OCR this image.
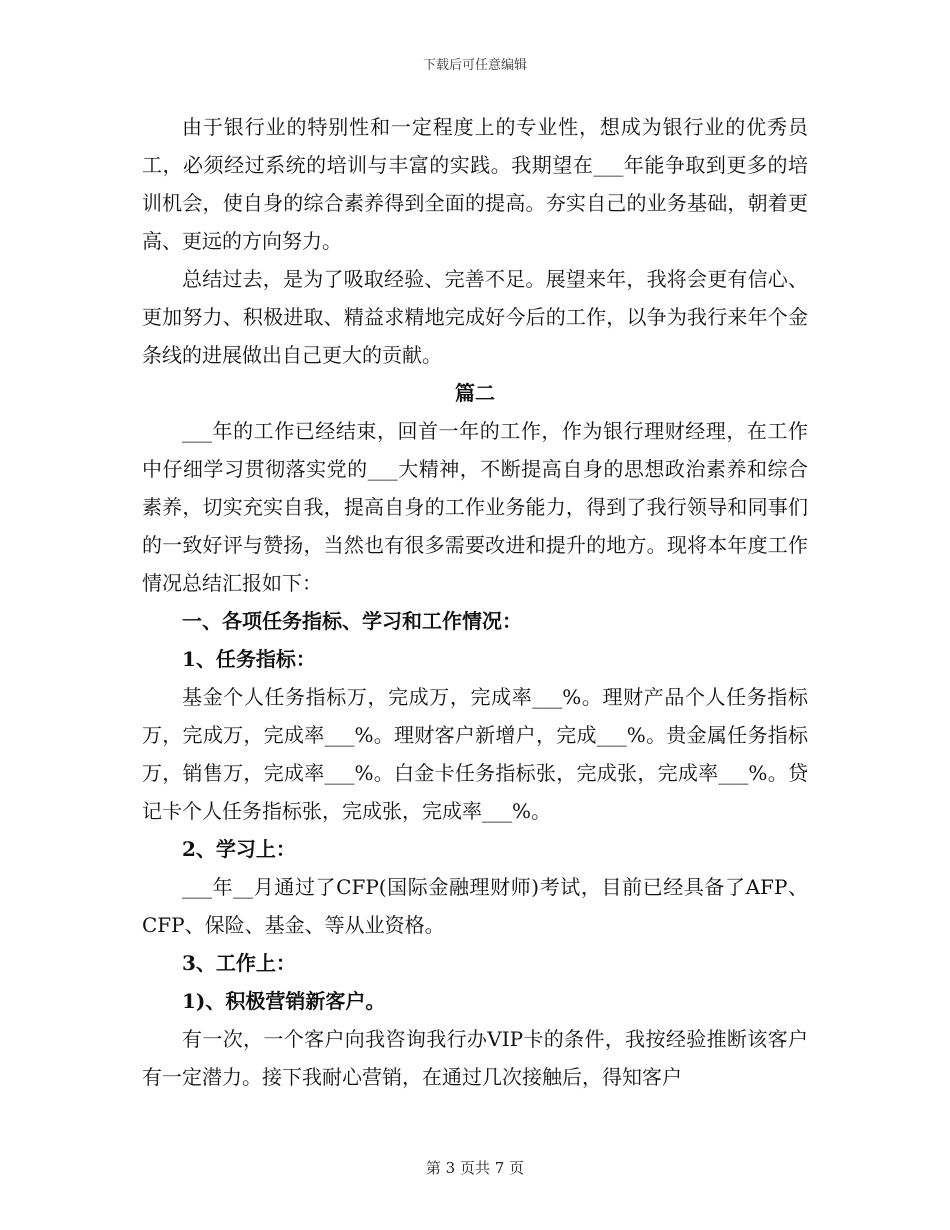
下载后可任意编辑

由于银行业的特别性和一定程度上的专业性，想成为银行业的优秀员工，必须经过系统的培训与丰富的实践。我期望在___年能争取到更多的培训机会，使自身的综合素养得到全面的提高。夯实自己的业务基础，朝着更高、更远的方向努力。

总结过去，是为了吸取经验、完善不足。展望来年，我将会更有信心、更加努力、积极进取、精益求精地完成好今后的工作，以争为我行来年个金条线的进展做出自己更大的贡献。

篇二

___年的工作已经结束，回首一年的工作，作为银行理财经理，在工作中仔细学习贯彻落实党的___大精神，不断提高自身的思想政治素养和综合素养，切实充实自我，提高自身的工作业务能力，得到了我行领导和同事们的一致好评与赞扬，当然也有很多需要改进和提升的地方。现将本年度工作情况总结汇报如下：

一、各项任务指标、学习和工作情况：

1、任务指标：

基金个人任务指标万，完成万，完成率___%。理财产品个人任务指标万，完成万，完成率___%。理财客户新增户，完成___%。贵金属任务指标万，销售万，完成率___%。白金卡任务指标张，完成张，完成率___%。贷记卡个人任务指标张，完成张，完成率___%。

2、学习上：

___年__月通过了CFP(国际金融理财师)考试，目前已经具备了AFP、CFP、保险、基金、等从业资格。

3、工作上：

1)、积极营销新客户。

有一次，一个客户向我咨询我行办VIP卡的条件，我按经验推断该客户有一定潜力。接下我耐心营销，在通过几次接触后，得知客户

第 3 页共 7 页
